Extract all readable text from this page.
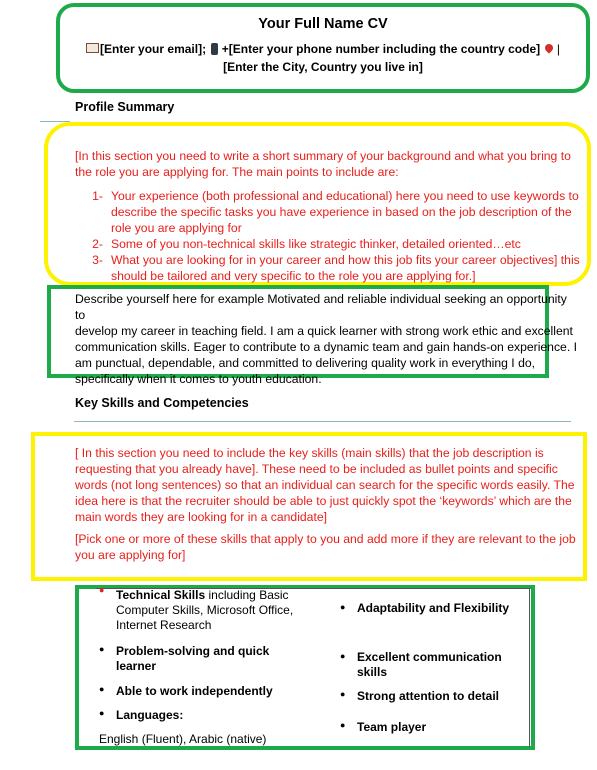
Your Full Name CV
[Enter your email]; +[Enter your phone number including the country code] |
[Enter the City, Country you live in]
Profile Summary
[In this section you need to write a short summary of your background and what you bring to
the role you are applying for. The main points to include are:
1- Your experience (both professional and educational) here you need to use keywords to
describe the specific tasks you have experience in based on the job description of the
role you are applying for
2- Some of you non-technical skills like strategic thinker, detailed oriented…etc
3- What you are looking for in your career and how this job fits your career objectives] this
should be tailored and very specific to the role you are applying for.]
Describe yourself here for example Motivated and reliable individual seeking an opportunity to
develop my career in teaching field. I am a quick learner with strong work ethic and excellent
communication skills. Eager to contribute to a dynamic team and gain hands-on experience. I
am punctual, dependable, and committed to delivering quality work in everything I do,
specifically when it comes to youth education.
Key Skills and Competencies
[ In this section you need to include the key skills (main skills) that the job description is
requesting that you already have]. These need to be included as bullet points and specific
words (not long sentences) so that an individual can search for the specific words easily. The
idea here is that the recruiter should be able to just quickly spot the ‘keywords’ which are the
main words they are looking for in a candidate]
[Pick one or more of these skills that apply to you and add more if they are relevant to the job
you are applying for]
● Technical Skills including Basic
Computer Skills, Microsoft Office,
Internet Research
● Problem-solving and quick
learner
● Able to work independently
● Languages:
English (Fluent), Arabic (native)
● Adaptability and Flexibility
● Excellent communication
skills
● Strong attention to detail
● Team player
